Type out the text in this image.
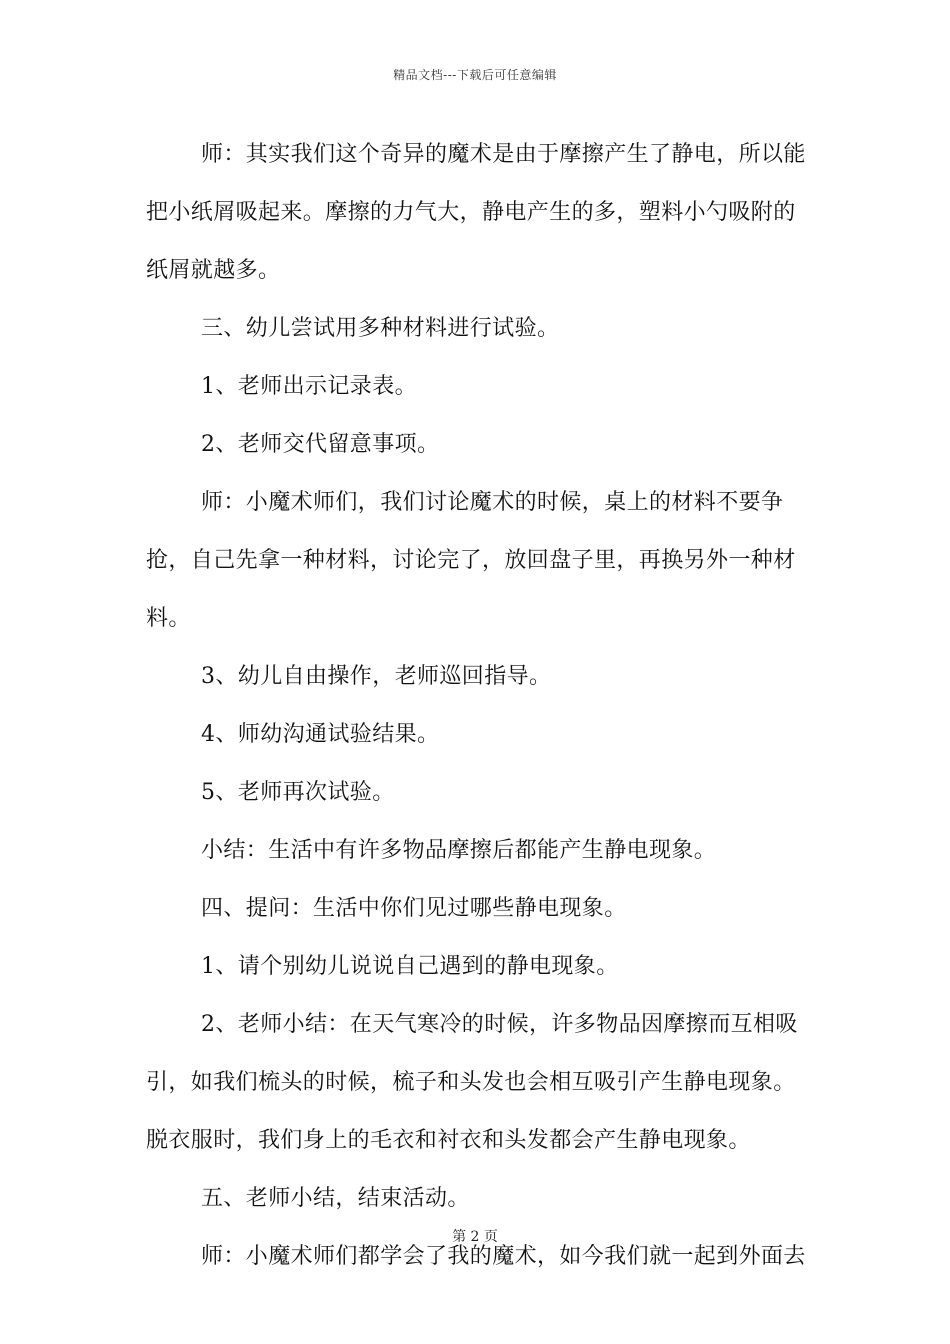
精品文档---下载后可任意编辑

师：其实我们这个奇异的魔术是由于摩擦产生了静电，所以能把小纸屑吸起来。摩擦的力气大，静电产生的多，塑料小勺吸附的纸屑就越多。

三、幼儿尝试用多种材料进行试验。

1、老师出示记录表。

2、老师交代留意事项。

师：小魔术师们，我们讨论魔术的时候，桌上的材料不要争抢，自己先拿一种材料，讨论完了，放回盘子里，再换另外一种材料。

3、幼儿自由操作，老师巡回指导。

4、师幼沟通试验结果。

5、老师再次试验。

小结：生活中有许多物品摩擦后都能产生静电现象。

四、提问：生活中你们见过哪些静电现象。

1、请个别幼儿说说自己遇到的静电现象。

2、老师小结：在天气寒冷的时候，许多物品因摩擦而互相吸引，如我们梳头的时候，梳子和头发也会相互吸引产生静电现象。

脱衣服时，我们身上的毛衣和衬衣和头发都会产生静电现象。

五、老师小结，结束活动。

师：小魔术师们都学会了我的魔术，如今我们就一起到外面去

第 2 页
